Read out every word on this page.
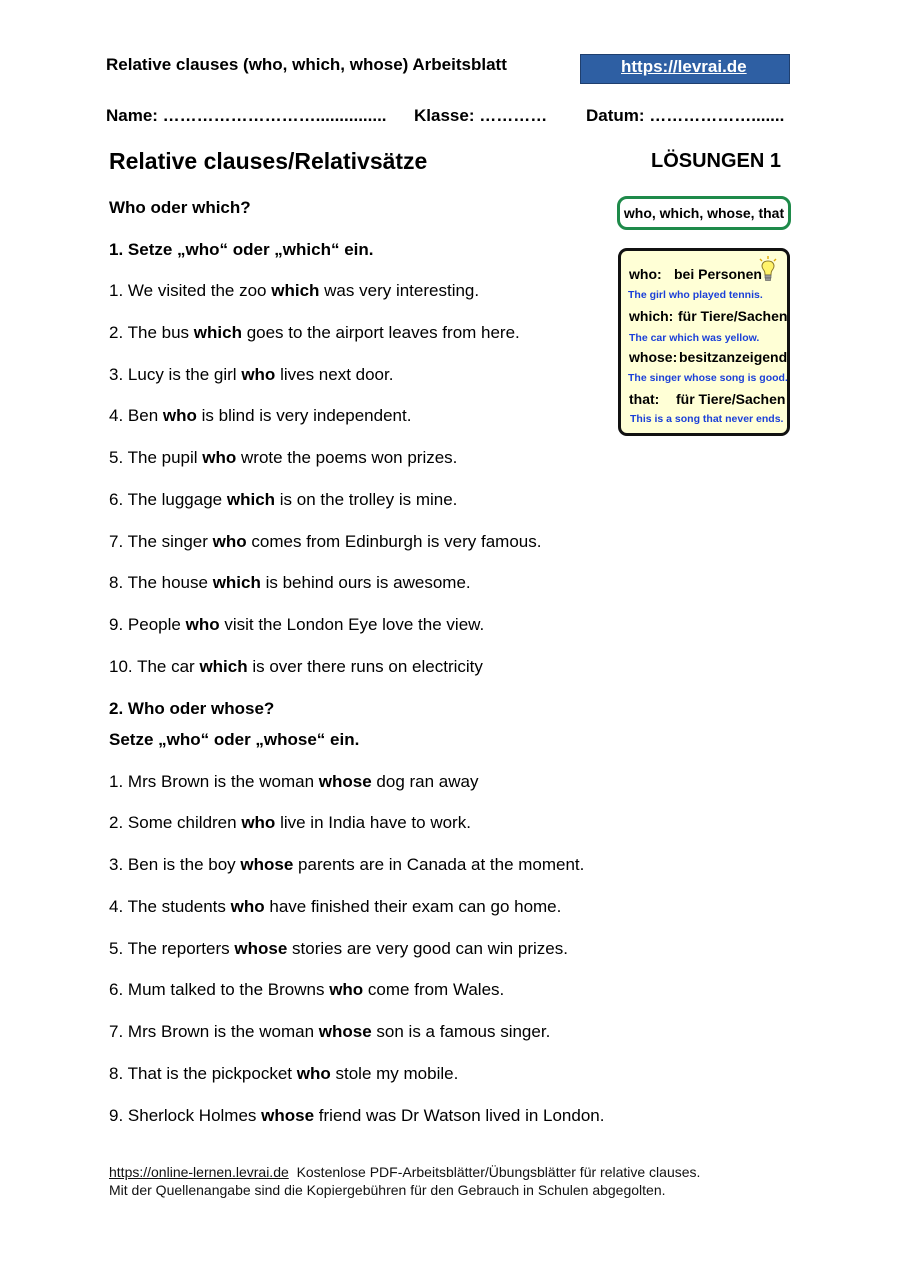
Relative clauses (who, which, whose) Arbeitsblatt	https://levrai.de
Name: ………………………............... Klasse: ………… Datum: ……………….......
Relative clauses/Relativsätze	LÖSUNGEN 1
who, which, whose, that
who: bei Personen
The girl who played tennis.
which: für Tiere/Sachen
The car which was yellow.
whose: besitzanzeigend
The singer whose song is good.
that: für Tiere/Sachen
This is a song that never ends.
Who oder which?
1. Setze „who“ oder „which“ ein.
1. We visited the zoo which was very interesting.
2. The bus which goes to the airport leaves from here.
3. Lucy is the girl who lives next door.
4. Ben who is blind is very independent.
5. The pupil who wrote the poems won prizes.
6. The luggage which is on the trolley is mine.
7. The singer who comes from Edinburgh is very famous.
8. The house which is behind ours is awesome.
9. People who visit the London Eye love the view.
10. The car which is over there runs on electricity
2. Who oder whose?
Setze „who“ oder „whose“ ein.
1. Mrs Brown is the woman whose dog ran away
2. Some children who live in India have to work.
3. Ben is the boy whose parents are in Canada at the moment.
4. The students who have finished their exam can go home.
5. The reporters whose stories are very good can win prizes.
6. Mum talked to the Browns who come from Wales.
7. Mrs Brown is the woman whose son is a famous singer.
8. That is the pickpocket who stole my mobile.
9. Sherlock Holmes whose friend was Dr Watson lived in London.
https://online-lernen.levrai.de Kostenlose PDF-Arbeitsblätter/Übungsblätter für relative clauses.
Mit der Quellenangabe sind die Kopiergebühren für den Gebrauch in Schulen abgegolten.
